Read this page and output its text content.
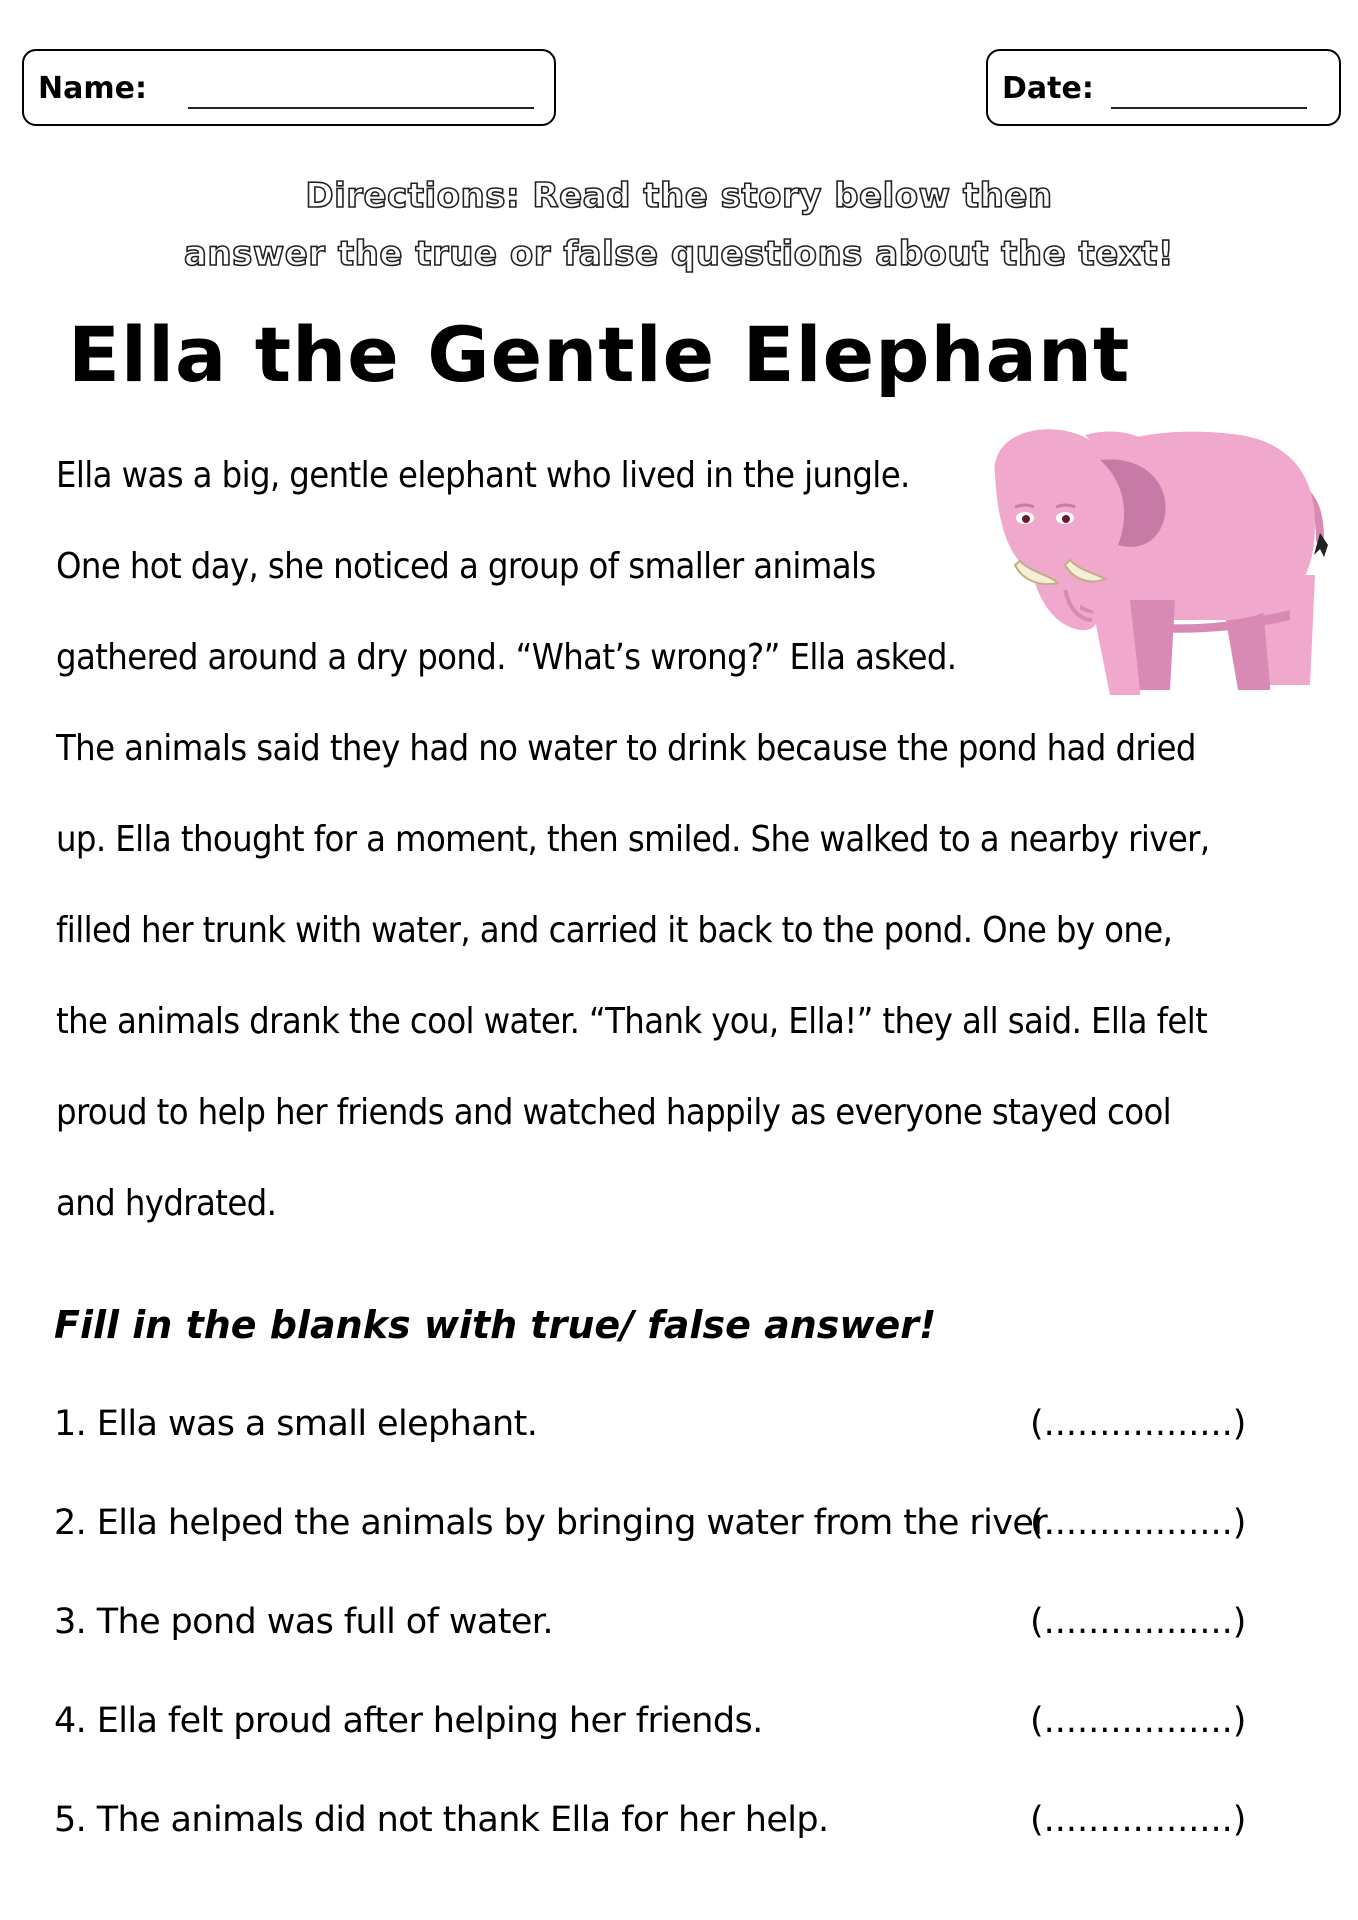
Name:	Date:
Directions: Read the story below then
answer the true or false questions about the text!
Ella the Gentle Elephant
Ella was a big, gentle elephant who lived in the jungle.
One hot day, she noticed a group of smaller animals
gathered around a dry pond. “What’s wrong?” Ella asked.
The animals said they had no water to drink because the pond had dried
up. Ella thought for a moment, then smiled. She walked to a nearby river,
filled her trunk with water, and carried it back to the pond. One by one,
the animals drank the cool water. “Thank you, Ella!” they all said. Ella felt
proud to help her friends and watched happily as everyone stayed cool
and hydrated.
Fill in the blanks with true/ false answer!
1. Ella was a small elephant.	(.................)
2. Ella helped the animals by bringing water from the river.
(.................)
3. The pond was full of water.	(.................)
4. Ella felt proud after helping her friends.	(.................)
5. The animals did not thank Ella for her help.	(.................)
